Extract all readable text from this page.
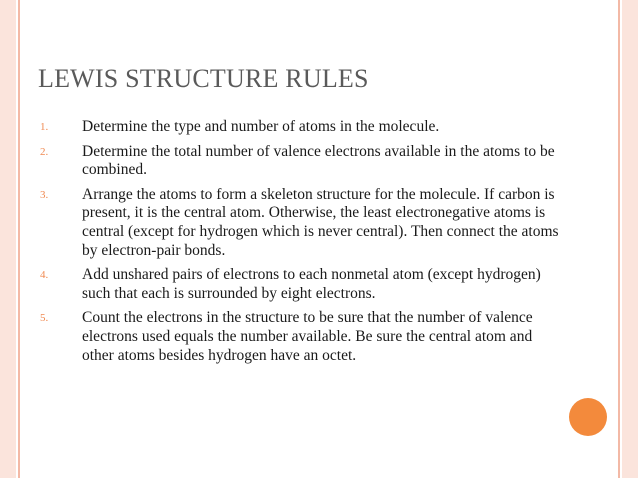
LEWIS STRUCTURE RULES
1.	Determine the type and number of atoms in the molecule.
2.	Determine the total number of valence electrons available in the atoms to be combined.
3.	Arrange the atoms to form a skeleton structure for the molecule. If carbon is present, it is the central atom. Otherwise, the least electronegative atoms is central (except for hydrogen which is never central). Then connect the atoms by electron-pair bonds.
4.	Add unshared pairs of electrons to each nonmetal atom (except hydrogen) such that each is surrounded by eight electrons.
5.	Count the electrons in the structure to be sure that the number of valence electrons used equals the number available. Be sure the central atom and other atoms besides hydrogen have an octet.
